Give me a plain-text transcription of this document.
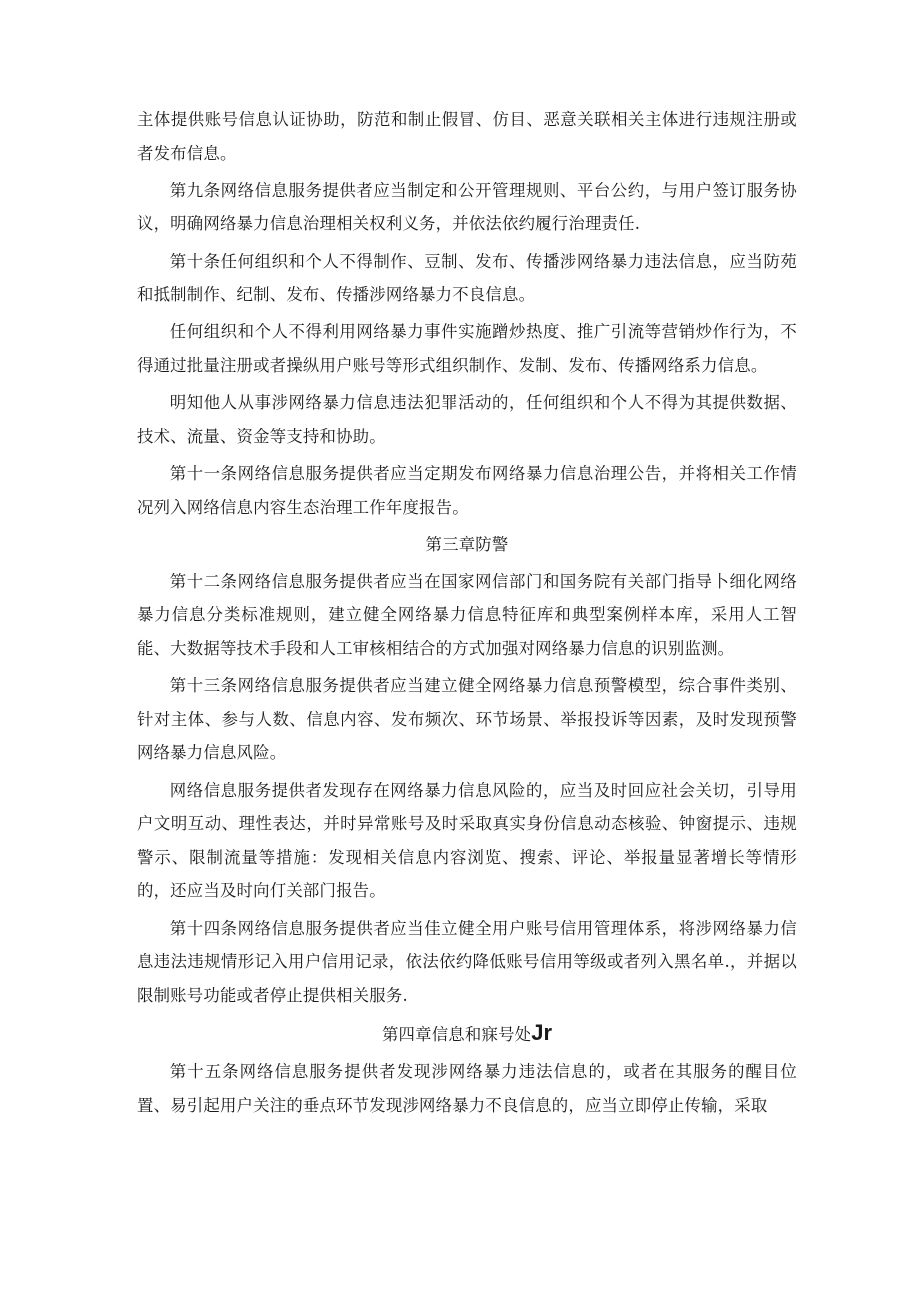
主体提供账号信息认证协助，防范和制止假冒、仿目、恶意关联相关主体进行违规注册或者发布信息。

第九条网络信息服务提供者应当制定和公开管理规则、平台公约，与用户签订服务协议，明确网络暴力信息治理相关权利义务，并依法依约履行治理责任.

第十条任何组织和个人不得制作、豆制、发布、传播涉网络暴力违法信息，应当防苑和抵制制作、纪制、发布、传播涉网络暴力不良信息。

任何组织和个人不得利用网络暴力事件实施蹭炒热度、推广引流等营销炒作行为，不得通过批量注册或者操纵用户账号等形式组织制作、发制、发布、传播网络系力信息。

明知他人从事涉网络暴力信息违法犯罪活动的，任何组织和个人不得为其提供数据、技术、流量、资金等支持和协助。

第十一条网络信息服务提供者应当定期发布网络暴力信息治理公告，并将相关工作情况列入网络信息内容生态治理工作年度报告。

第三章防警

第十二条网络信息服务提供者应当在国家网信部门和国务院有关部门指导卜细化网络暴力信息分类标准规则，建立健全网络暴力信息特征库和典型案例样本库，采用人工智能、大数据等技术手段和人工审核相结合的方式加强对网络暴力信息的识别监测。

第十三条网络信息服务提供者应当建立健全网络暴力信息预警模型，综合事件类别、针对主体、参与人数、信息内容、发布频次、环节场景、举报投诉等因素，及时发现预警网络暴力信息风险。

网络信息服务提供者发现存在网络暴力信息风险的，应当及时回应社会关切，引导用户文明互动、理性表达，并时异常账号及时采取真实身份信息动态核验、钟窗提示、违规警示、限制流量等措施：发现相关信息内容浏览、搜索、评论、举报量显著增长等情形的，还应当及时向仃关部门报告。

第十四条网络信息服务提供者应当佳立健全用户账号信用管理体系，将涉网络暴力信息违法违规情形记入用户信用记录，依法依约降低账号信用等级或者列入黑名单.，并据以限制账号功能或者停止提供相关服务.

第四章信息和寐号处Jr

第十五条网络信息服务提供者发现涉网络暴力违法信息的，或者在其服务的醒目位置、易引起用户关注的垂点环节发现涉网络暴力不良信息的，应当立即停止传输，采取
